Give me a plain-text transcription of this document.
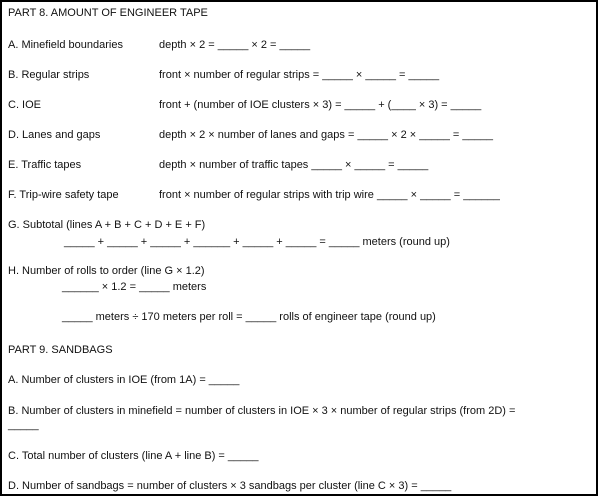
PART 8. AMOUNT OF ENGINEER TAPE
A. Minefield boundaries	depth × 2 = _____ × 2 = _____
B. Regular strips	front × number of regular strips = _____ × _____ = _____
C. IOE	front + (number of IOE clusters × 3) = _____ + (____ × 3) = _____
D. Lanes and gaps	depth × 2 × number of lanes and gaps = _____ × 2 × _____ = _____
E. Traffic tapes	depth × number of traffic tapes _____ × _____ = _____
F. Trip-wire safety tape	front × number of regular strips with trip wire _____ × _____ = ______
G. Subtotal (lines A + B + C + D + E + F)
_____ + _____ + _____ + ______ + _____ + _____ = _____ meters (round up)
H. Number of rolls to order (line G × 1.2)
______ × 1.2 = _____ meters
_____ meters ÷ 170 meters per roll = _____ rolls of engineer tape (round up)
PART 9. SANDBAGS
A. Number of clusters in IOE (from 1A) = _____
B. Number of clusters in minefield = number of clusters in IOE × 3 × number of regular strips (from 2D) =
_____
C. Total number of clusters (line A + line B) = _____
D. Number of sandbags = number of clusters × 3 sandbags per cluster (line C × 3) = _____
